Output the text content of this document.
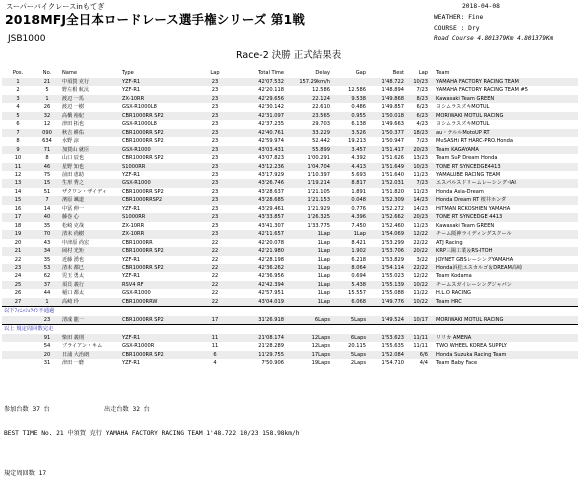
スーパーバイクレースinもてぎ
2018MFJ全日本ロードレース選手権シリーズ 第1戦
JSB1000
2018-04-08
WEATHER: Fine
COURSE : Dry
Road Course 4.801379Km 4.801379Km
Race-2 決勝 正式結果表
Pos.	No.	Name	Type	Lap	Total Time	Delay	Gap	Best	Lap	Team
1	21	中須賀 克行	YZF-R1	23	42'07.532	157.29km/h		1'48.722	10/23	YAMAHA FACTORY RACING TEAM
2	5	野左根 航汰	YZF-R1	23	42'20.118	12.586	12.586	1'48.894	7/23	YAMAHA FACTORY RACING TEAM #5
3	1	渡辺 一馬	ZX-10RR	23	42'29.656	22.124	9.538	1'49.868	8/23	Kawasaki Team GREEN
4	26	渡辺 一樹	GSX-R1000L8	23	42'30.142	22.610	0.486	1'49.857	6/23	ヨシムラスズキMOTUL
5	32	高橋 裕紀	CBR1000RR SP2	23	42'31.097	23.565	0.955	1'50.018	6/23	MORIWAKI MOTUL RACING
6	12	津田 拓也	GSX-R1000L8	23	42'37.235	29.703	6.138	1'49.663	4/23	ヨシムラスズキMOTUL
7	090	秋吉 耕佑	CBR1000RR SP2	23	42'40.761	33.229	3.526	1'50.377	18/23	au・テルルMotoUP RT
8	634	水野 涼	CBR1000RR SP2	23	42'59.974	52.442	19.213	1'50.947	7/23	MuSASHi RT HARC-PRO.Honda
9	71	加賀山 就臣	GSX-R1000	23	43'03.431	55.899	3.457	1'51.417	20/23	Team KAGAYAMA
10	8	山口 辰也	CBR1000RR SP2	23	43'07.823	1'00.291	4.392	1'51.626	13/23	Team SuP Dream Honda
11	46	星野 知也	S1000RR	23	43'12.236	1'04.704	4.413	1'51.649	10/23	TONE RT SYNCEDGE4413
12	75	前田 恵助	YZF-R1	23	43'17.929	1'10.397	5.693	1'51.640	11/23	YAMALUBE RACING TEAM
13	15	生形 秀之	GSX-R1000	23	43'26.746	1'19.214	8.817	1'52.031	7/23	エスパルスドリームレーシング･IAI
14	51	ザクワン・ザイディ	CBR1000RR SP2	23	43'28.637	1'21.105	1.891	1'51.820	11/23	Honda Asia-Dream
15	7	濱原 颯道	CBR1000RRSP2	23	43'28.685	1'21.153	0.048	1'52.309	14/23	Honda Dream RT 桜井ホンダ
16	14	中冨 伸一	YZF-R1	23	43'29.461	1'21.929	0.776	1'52.272	14/23	HiTMAN RCKOSHIEN YAMAHA
17	40	藤巻 心	S1000RR	23	43'33.857	1'26.325	4.396	1'52.662	20/23	TONE RT SYNCEDGE 4413
18	35	松崎 克哉	ZX-10RR	23	43'41.307	1'33.775	7.450	1'52.460	11/23	Kawasaki Team GREEN
19	70	清末 尚樹	ZX-10RR	23	42'11.657	1Lap	1Lap	1'54.069	12/22	チーム阪神ライディングスクール
20	43	中津原 尚宏	CBR1000RR	22	42'20.078	1Lap	8.421	1'53.299	22/22	ATJ Racing
21	34	岡村 光矩	CBR1000RR SP2	22	42'21.980	1Lap	1.902	1'53.706	20/22	KRP三陽工業＆RS-ITOH
22	35	近藤 湧也	YZF-R1	22	42'28.198	1Lap	6.218	1'53.829	3/22	JOYNET GBSレーシングYAMAHA
23	53	清末 都巳	CBR1000RR SP2	22	42'36.262	1Lap	8.064	1'54.114	22/22	Honda浜松エスカルゴ＆DREAM高崎
24	62	児玉 勇太	YZF-R1	22	42'36.956	1Lap	0.694	1'55.023	12/22	Team Kodama
25	37	須貝 義行	RSV4 RF	22	42'42.394	1Lap	5.438	1'55.139	10/22	チームスガイレーシングジャパン
26	44	稲口 都太	GSX-R1000	22	42'57.951	1Lap	15.557	1'55.088	11/22	H.L.O RACING
27	1	高崎 玲	CBR1000RRW	22	43'04.019	1Lap	6.068	1'49.776	10/22	Team HRC
以下ﾌｨﾆｯｼｭﾗｲﾝ不通過										
	23	清成 龍一	CBR1000RR SP2	17	31'26.918	6Laps	5Laps	1'49.524	10/17	MORIWAKI MOTUL RACING
以上 規定周回数完走										
	91	柴田 義則	YZF-R1	11	21'08.174	12Laps	6Laps	1'53.623	11/11	リリカ AMENA
	54	ブライアン・キム	GSX-R1000R	11	21'28.289	12Laps	20.115	1'55.635	11/11	TWO WHEEL KOREA SUPPLY
	20	日浦 大治朗	CBR1000RR SP2	6	11'29.755	17Laps	5Laps	1'52.084	6/6	Honda Suzuka Racing Team
	31	津田 一磨	YZF-R1	4	7'50.906	19Laps	2Laps	1'54.710	4/4	Team Baby Face
参加台数 37 台	出走台数 32 台
BEST TIME No. 21 中須賀 克行 YAMAHA FACTORY RACING TEAM 1'48.722 10/23 158.98km/h
規定周回数 17
